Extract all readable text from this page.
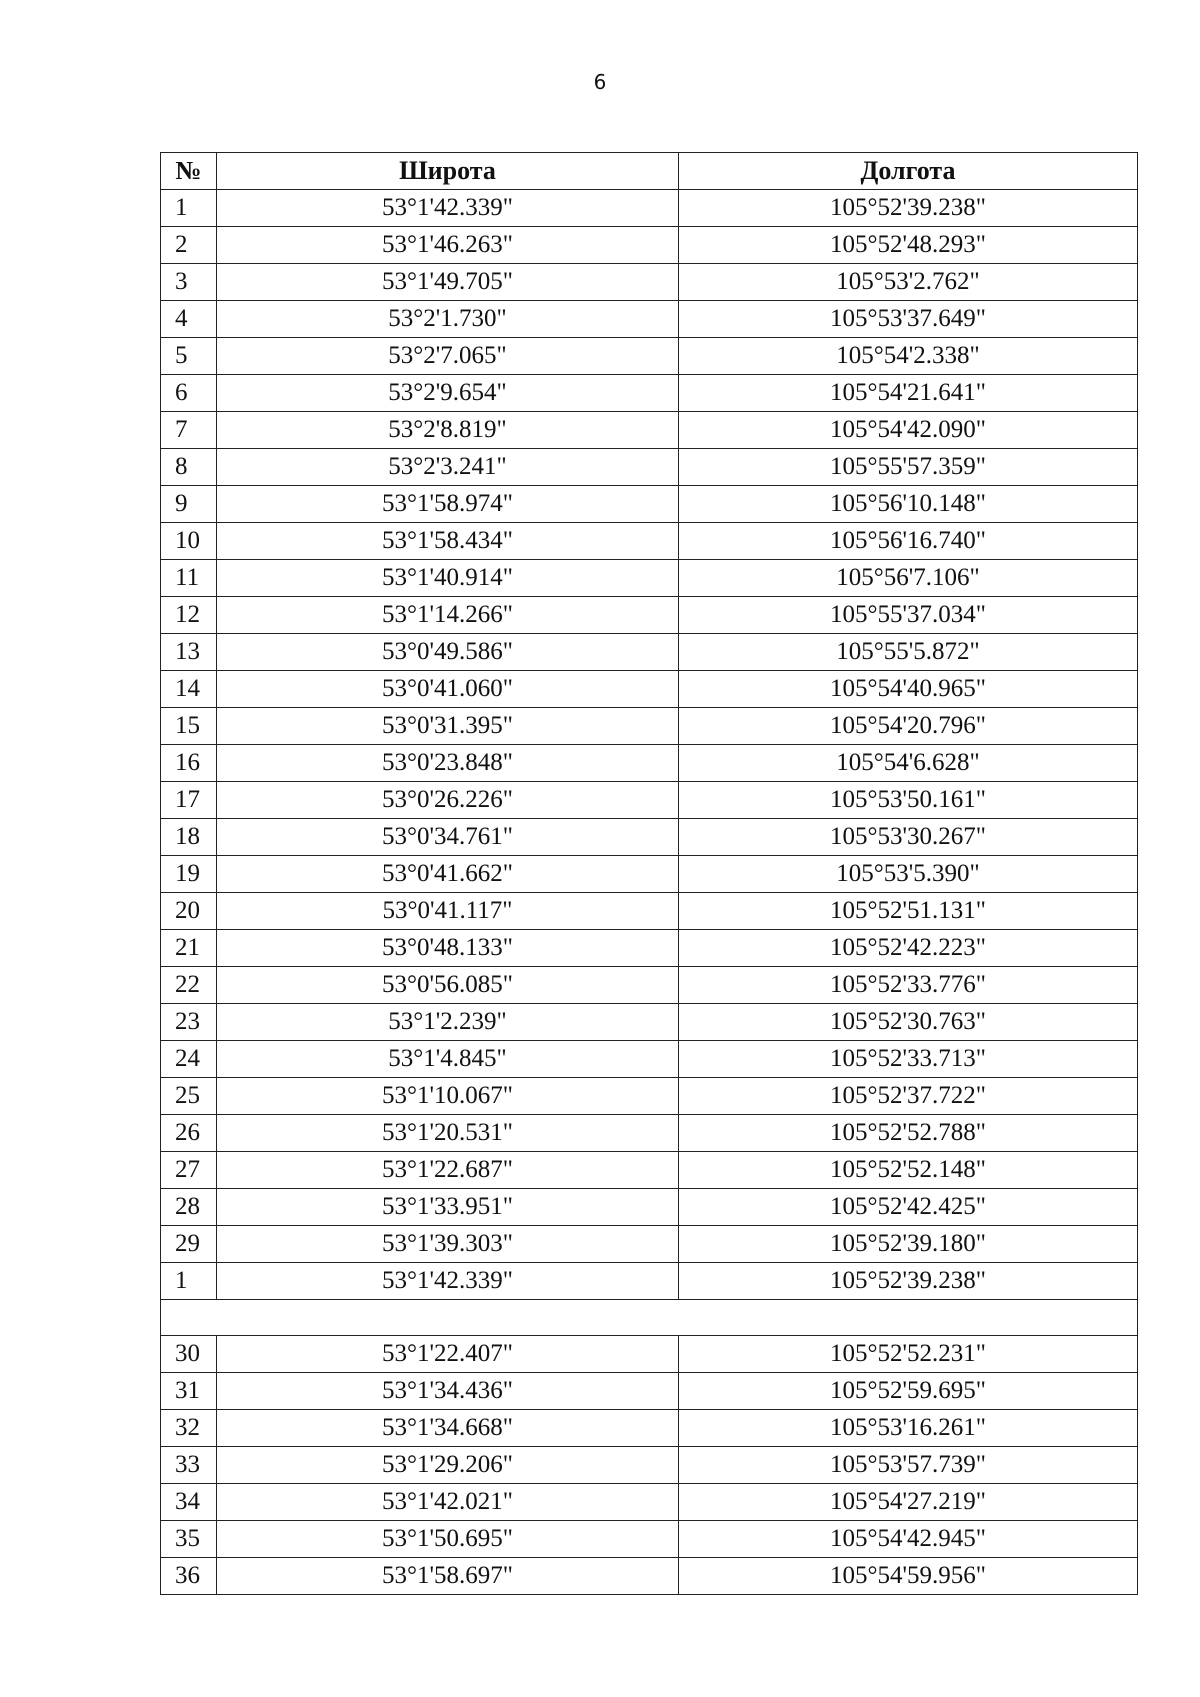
6
№	Широта	Долгота
1	53°1'42.339"	105°52'39.238"
2	53°1'46.263"	105°52'48.293"
3	53°1'49.705"	105°53'2.762"
4	53°2'1.730"	105°53'37.649"
5	53°2'7.065"	105°54'2.338"
6	53°2'9.654"	105°54'21.641"
7	53°2'8.819"	105°54'42.090"
8	53°2'3.241"	105°55'57.359"
9	53°1'58.974"	105°56'10.148"
10	53°1'58.434"	105°56'16.740"
11	53°1'40.914"	105°56'7.106"
12	53°1'14.266"	105°55'37.034"
13	53°0'49.586"	105°55'5.872"
14	53°0'41.060"	105°54'40.965"
15	53°0'31.395"	105°54'20.796"
16	53°0'23.848"	105°54'6.628"
17	53°0'26.226"	105°53'50.161"
18	53°0'34.761"	105°53'30.267"
19	53°0'41.662"	105°53'5.390"
20	53°0'41.117"	105°52'51.131"
21	53°0'48.133"	105°52'42.223"
22	53°0'56.085"	105°52'33.776"
23	53°1'2.239"	105°52'30.763"
24	53°1'4.845"	105°52'33.713"
25	53°1'10.067"	105°52'37.722"
26	53°1'20.531"	105°52'52.788"
27	53°1'22.687"	105°52'52.148"
28	53°1'33.951"	105°52'42.425"
29	53°1'39.303"	105°52'39.180"
1	53°1'42.339"	105°52'39.238"

30	53°1'22.407"	105°52'52.231"
31	53°1'34.436"	105°52'59.695"
32	53°1'34.668"	105°53'16.261"
33	53°1'29.206"	105°53'57.739"
34	53°1'42.021"	105°54'27.219"
35	53°1'50.695"	105°54'42.945"
36	53°1'58.697"	105°54'59.956"
